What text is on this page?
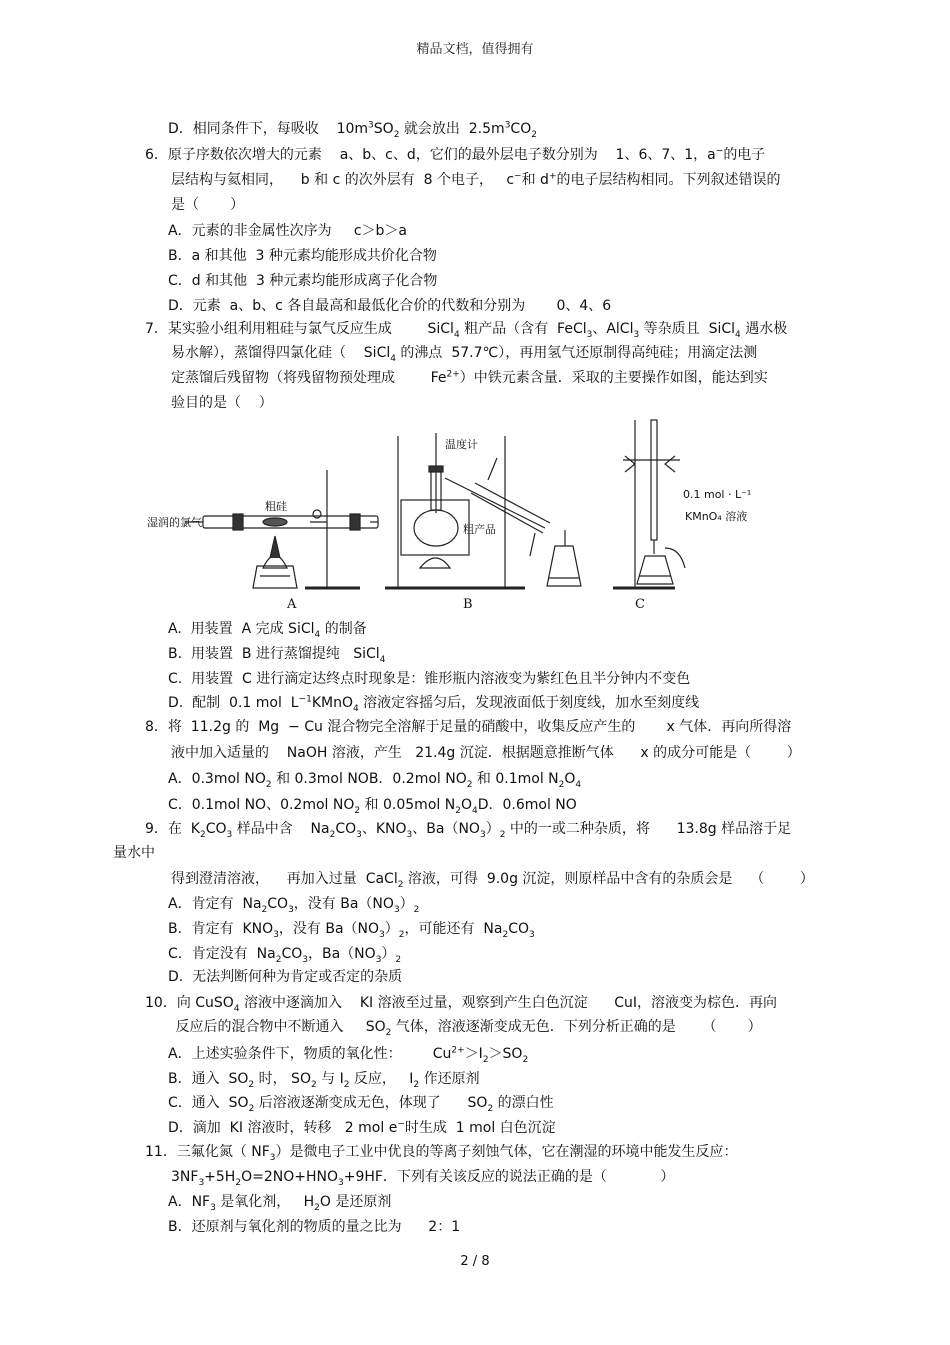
精品文档，值得拥有
D．相同条件下，每吸收    $10m^3SO_2$ 就会放出  $2.5m^3CO_2$
6．原子序数依次增大的元素    a、b、c、d，它们的最外层电子数分别为    1、6、7、1，a−的电子
层结构与氦相同，    b 和 c 的次外层有  8 个电子，   c−和 d+的电子层结构相同。下列叙述错误的
是（       ）
A．元素的非金属性次序为     c＞b＞a
B．a 和其他  3 种元素均能形成共价化合物
C．d 和其他  3 种元素均能形成离子化合物
D．元素  a、b、c 各自最高和最低化合价的代数和分别为       0、4、6
7．某实验小组利用粗硅与氯气反应生成        SiCl$_4$ 粗产品（含有  FeCl$_3$、AlCl$_3$ 等杂质且  SiCl$_4$ 遇水极
易水解），蒸馏得四氯化硅（    SiCl$_4$ 的沸点  57.7℃），再用氢气还原制得高纯硅；用滴定法测
定蒸馏后残留物（将残留物预处理成        $Fe^{2+}$）中铁元素含量．采取的主要操作如图，能达到实
验目的是（    ）
A.  用装置  A 完成 SiCl$_4$ 的制备
B.  用装置  B 进行蒸馏提纯   SiCl$_4$
C.  用装置  C 进行滴定达终点时现象是：锥形瓶内溶液变为紫红色且半分钟内不变色
D.  配制  0.1 mol  $L^{-1}KMnO_4$ 溶液定容摇匀后，发现液面低于刻度线，加水至刻度线
8．将  11.2g 的  Mg  − Cu 混合物完全溶解于足量的硝酸中，收集反应产生的       x 气体．再向所得溶
液中加入适量的    NaOH 溶液，产生   21.4g 沉淀．根据题意推断气体      x 的成分可能是（        ）
A．0.3mol $NO_2$ 和 0.3mol NOB．0.2mol $NO_2$ 和 0.1mol $N_2O_4$
C．0.1mol NO、0.2mol $NO_2$ 和 0.05mol $N_2O_4D$．0.6mol NO
9．在  $K_2CO_3$ 样品中含    $Na_2CO_3$、$KNO_3$、$Ba(NO_3)_2$ 中的一或二种杂质，将      13.8g 样品溶于足
量水中
得到澄清溶液，    再加入过量  CaCl$_2$ 溶液，可得  9.0g 沉淀，则原样品中含有的杂质会是    （        ）
A．肯定有  $Na_2CO_3$，没有 $Ba(NO_3)_2$
B．肯定有  $KNO_3$，没有 $Ba(NO_3)_2$，可能还有  $Na_2CO_3$
C．肯定没有  $Na_2CO_3$，$Ba(NO_3)_2$
D.  无法判断何种为肯定或否定的杂质
10．向 CuSO$_4$ 溶液中逐滴加入    KI 溶液至过量，观察到产生白色沉淀      CuI，溶液变为棕色．再向
反应后的混合物中不断通入     $SO_2$ 气体，溶液逐渐变成无色．下列分析正确的是      （       ）
A．上述实验条件下，物质的氧化性：       $Cu^{2+}>I_2>SO_2$
B．通入  $SO_2$ 时， $SO_2$ 与 $I_2$ 反应，   $I_2$ 作还原剂
C．通入  $SO_2$ 后溶液逐渐变成无色，体现了      $SO_2$ 的漂白性
D．滴加  KI 溶液时，转移   2 mol e−时生成  1 mol 白色沉淀
11．三氟化氮（ $NF_3$）是微电子工业中优良的等离子刻蚀气体，它在潮湿的环境中能发生反应：
$3NF_3+5H_2O=2NO+HNO_3+9HF$．下列有关该反应的说法正确的是（            ）
A．$NF_3$ 是氧化剂，   $H_2O$ 是还原剂
B．还原剂与氧化剂的物质的量之比为      2：1
湿润的氯气
粗硅
A
温度计
粗产品
B
0.1 mol · L⁻¹
KMnO₄ 溶液
C
2 / 8
